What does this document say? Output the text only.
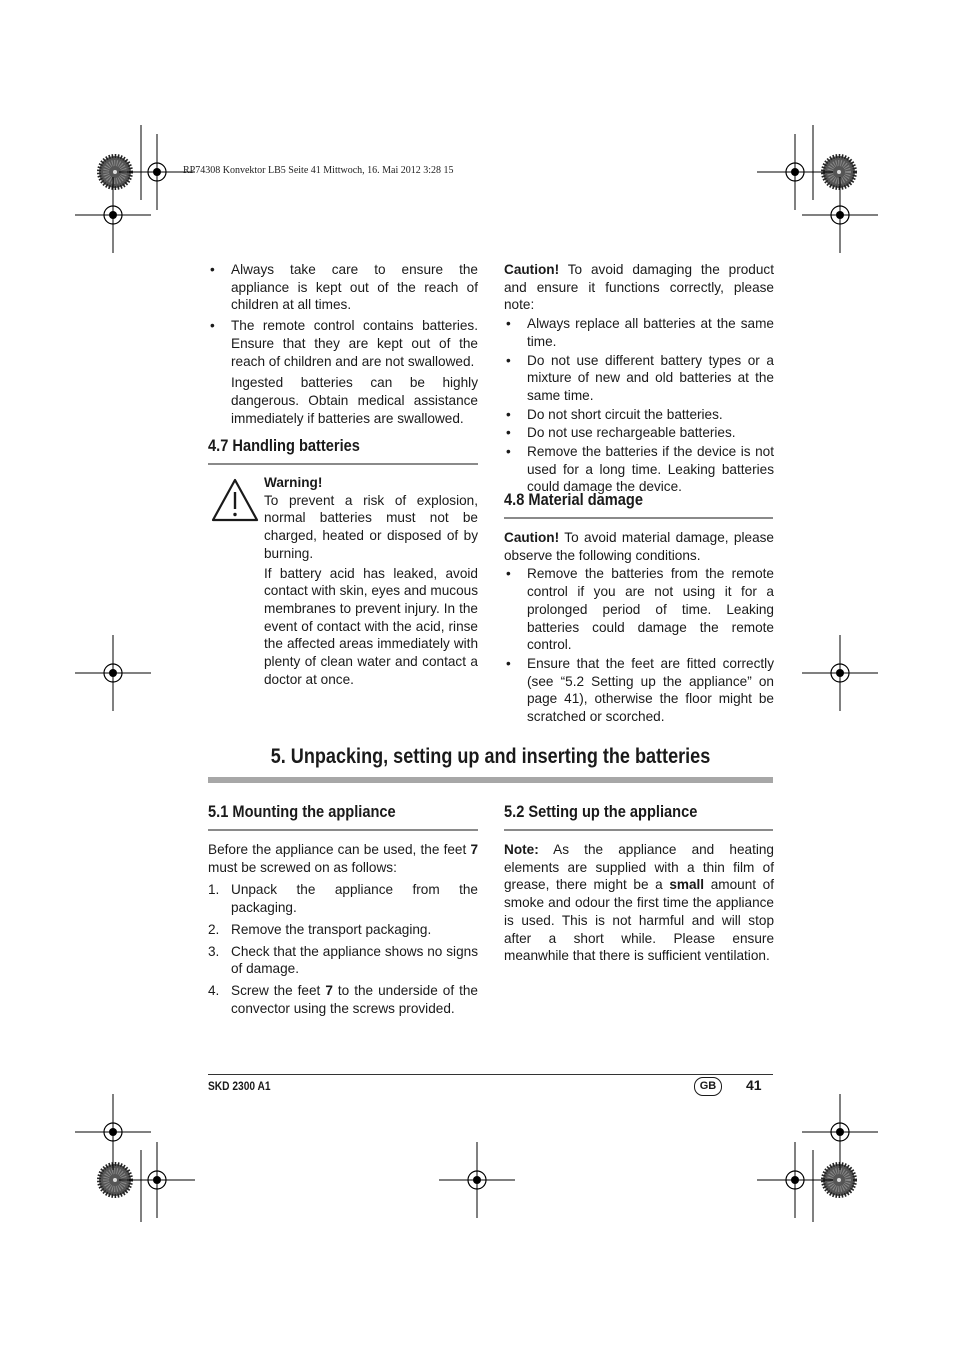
RP74308 Konvektor LB5 Seite 41 Mittwoch, 16. Mai 2012 3:28 15

• Always take care to ensure the appliance is kept out of the reach of children at all times.

• The remote control contains batteries. Ensure that they are kept out of the reach of children and are not swallowed.

Ingested batteries can be highly dangerous. Obtain medical assistance immediately if batteries are swallowed.

4.7 Handling batteries

Warning!

To prevent a risk of explosion, normal batteries must not be charged, heated or disposed of by burning.

If battery acid has leaked, avoid contact with skin, eyes and mucous membranes to prevent injury. In the event of contact with the acid, rinse the affected areas immediately with plenty of clean water and contact a doctor at once.

Caution! To avoid damaging the product and ensure it functions correctly, please note:

• Always replace all batteries at the same time.

• Do not use different battery types or a mixture of new and old batteries at the same time.

• Do not short circuit the batteries.

• Do not use rechargeable batteries.

• Remove the batteries if the device is not used for a long time. Leaking batteries could damage the device.

4.8 Material damage

Caution! To avoid material damage, please observe the following conditions.

• Remove the batteries from the remote control if you are not using it for a prolonged period of time. Leaking batteries could damage the remote control.

• Ensure that the feet are fitted correctly (see “5.2 Setting up the appliance” on page 41), otherwise the floor might be scratched or scorched.

5. Unpacking, setting up and inserting the batteries
5.1 Mounting the appliance

Before the appliance can be used, the feet 7 must be screwed on as follows:

1. Unpack the appliance from the packaging.

2. Remove the transport packaging.

3. Check that the appliance shows no signs of damage.

4. Screw the feet 7 to the underside of the convector using the screws provided.

5.2 Setting up the appliance

Note: As the appliance and heating elements are supplied with a thin film of grease, there might be a small amount of smoke and odour the first time the appliance is used. This is not harmful and will stop after a short while. Please ensure meanwhile that there is sufficient ventilation.

SKD 2300 A1	GB	41
